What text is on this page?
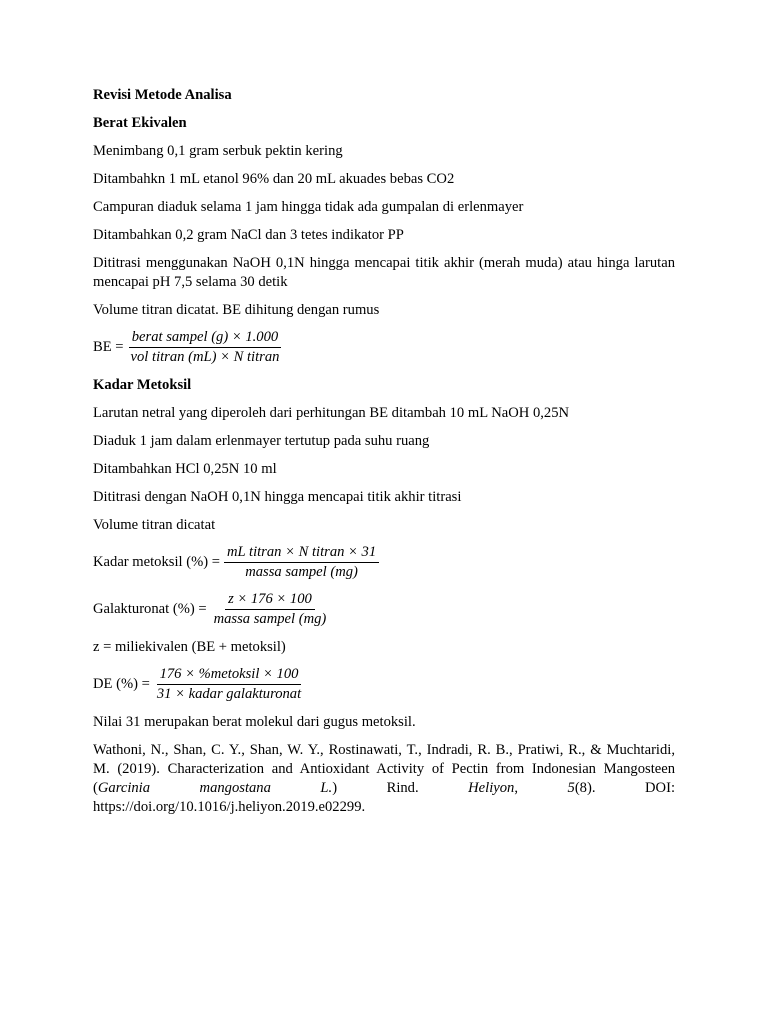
Revisi Metode Analisa

Berat Ekivalen

Menimbang 0,1 gram serbuk pektin kering

Ditambahkn 1 mL etanol 96% dan 20 mL akuades bebas CO2

Campuran diaduk selama 1 jam hingga tidak ada gumpalan di erlenmayer

Ditambahkan 0,2 gram NaCl dan 3 tetes indikator PP

Dititrasi menggunakan NaOH 0,1N hingga mencapai titik akhir (merah muda) atau hinga larutan mencapai pH 7,5 selama 30 detik

Volume titran dicatat. BE dihitung dengan rumus

BE = $\frac{\text{berat sampel (g) × 1.000}}{\text{vol titran (mL) × N titran}}$

Kadar Metoksil

Larutan netral yang diperoleh dari perhitungan BE ditambah 10 mL NaOH 0,25N

Diaduk 1 jam dalam erlenmayer tertutup pada suhu ruang

Ditambahkan HCl 0,25N 10 ml

Dititrasi dengan NaOH 0,1N hingga mencapai titik akhir titrasi

Volume titran dicatat

Kadar metoksil (%) = $\frac{\text{mL titran × N titran × 31}}{\text{massa sampel (mg)}}$
Galakturonat (%) = $\frac{z \times 176 \times 100}{\text{massa sampel (mg)}}$

z = miliekivalen (BE + metoksil)

DE (%) = $\frac{\text{176 × \%metoksil × 100}}{\text{31 × kadar galakturonat}}$

Nilai 31 merupakan berat molekul dari gugus metoksil.

Wathoni, N., Shan, C. Y., Shan, W. Y., Rostinawati, T., Indradi, R. B., Pratiwi, R., & Muchtaridi, M. (2019). Characterization and Antioxidant Activity of Pectin from Indonesian Mangosteen (Garcinia mangostana L.) Rind. Heliyon, 5(8). DOI:

https://doi.org/10.1016/j.heliyon.2019.e02299.
